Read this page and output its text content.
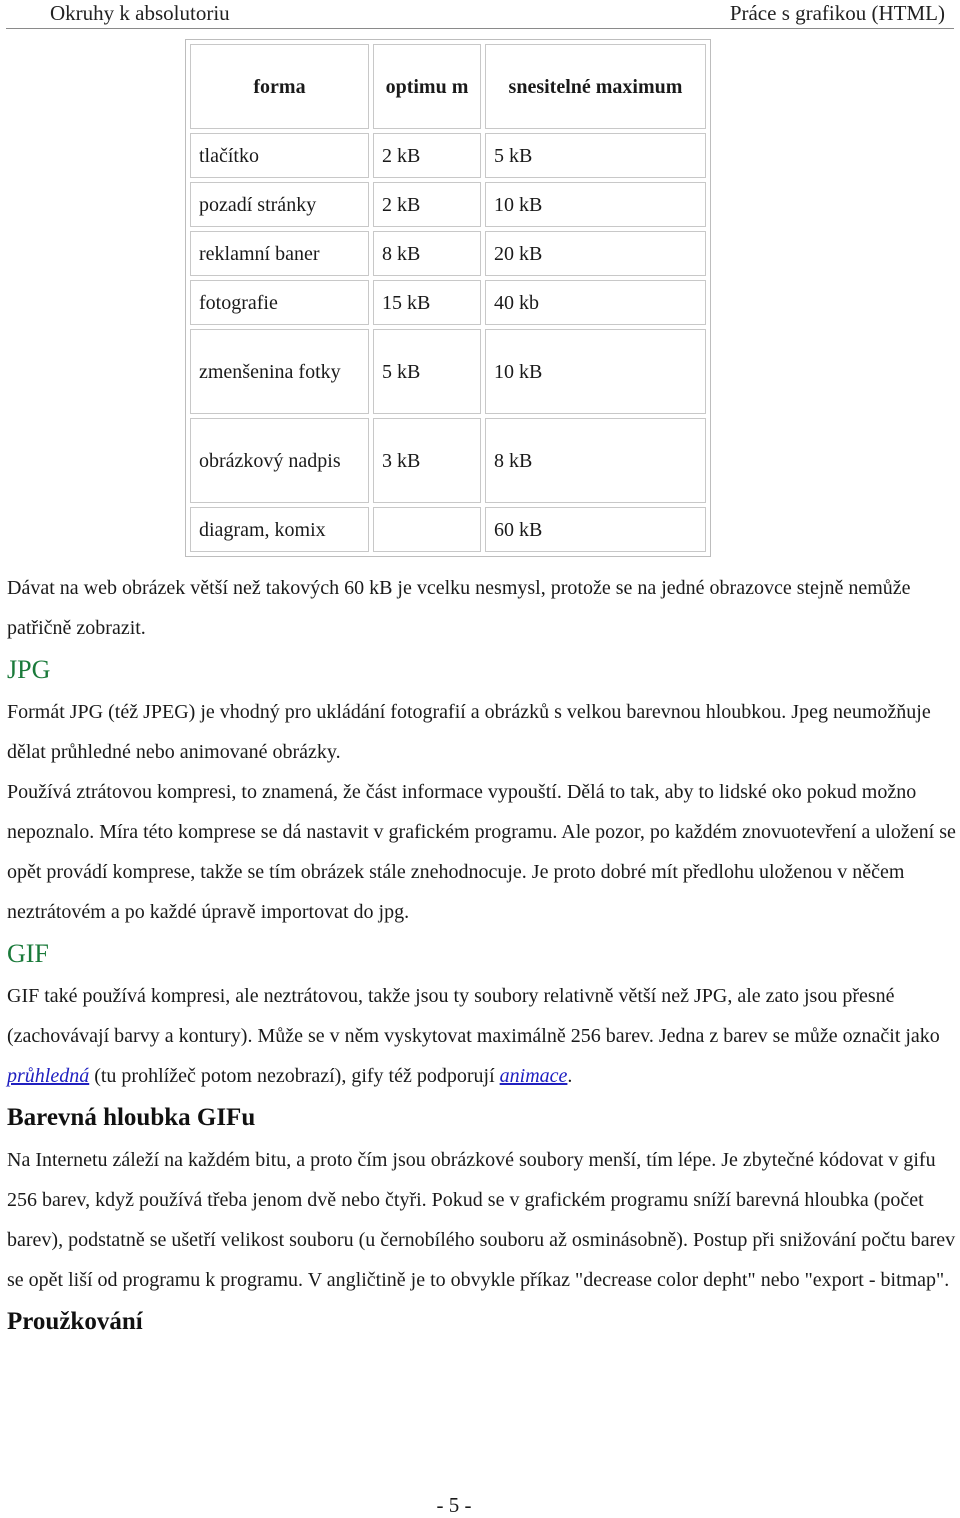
Okruhy k absolutoriu	Práce s grafikou (HTML)
forma	optimu m	snesitelné maximum
tlačítko	2 kB	5 kB
pozadí stránky	2 kB	10 kB
reklamní baner	8 kB	20 kB
fotografie	15 kB	40 kb
zmenšenina fotky	5 kB	10 kB
obrázkový nadpis	3 kB	8 kB
diagram, komix		60 kB

Dávat na web obrázek větší než takových 60 kB je vcelku nesmysl, protože se na jedné obrazovce stejně nemůže patřičně zobrazit.

JPG

Formát JPG (též JPEG) je vhodný pro ukládání fotografií a obrázků s velkou barevnou hloubkou. Jpeg neumožňuje dělat průhledné nebo animované obrázky.

Používá ztrátovou kompresi, to znamená, že část informace vypouští. Dělá to tak, aby to lidské oko pokud možno nepoznalo. Míra této komprese se dá nastavit v grafickém programu. Ale pozor, po každém znovuotevření a uložení se opět provádí komprese, takže se tím obrázek stále znehodnocuje. Je proto dobré mít předlohu uloženou v něčem neztrátovém a po každé úpravě importovat do jpg.

GIF

GIF také používá kompresi, ale neztrátovou, takže jsou ty soubory relativně větší než JPG, ale zato jsou přesné (zachovávají barvy a kontury). Může se v něm vyskytovat maximálně 256 barev. Jedna z barev se může označit jako průhledná (tu prohlížeč potom nezobrazí), gify též podporují animace.

Barevná hloubka GIFu

Na Internetu záleží na každém bitu, a proto čím jsou obrázkové soubory menší, tím lépe. Je zbytečné kódovat v gifu 256 barev, když používá třeba jenom dvě nebo čtyři. Pokud se v grafickém programu sníží barevná hloubka (počet barev), podstatně se ušetří velikost souboru (u černobílého souboru až osminásobně). Postup při snižování počtu barev se opět liší od programu k programu. V angličtině je to obvykle příkaz "decrease color depht" nebo "export - bitmap".

Proužkování
- 5 -
